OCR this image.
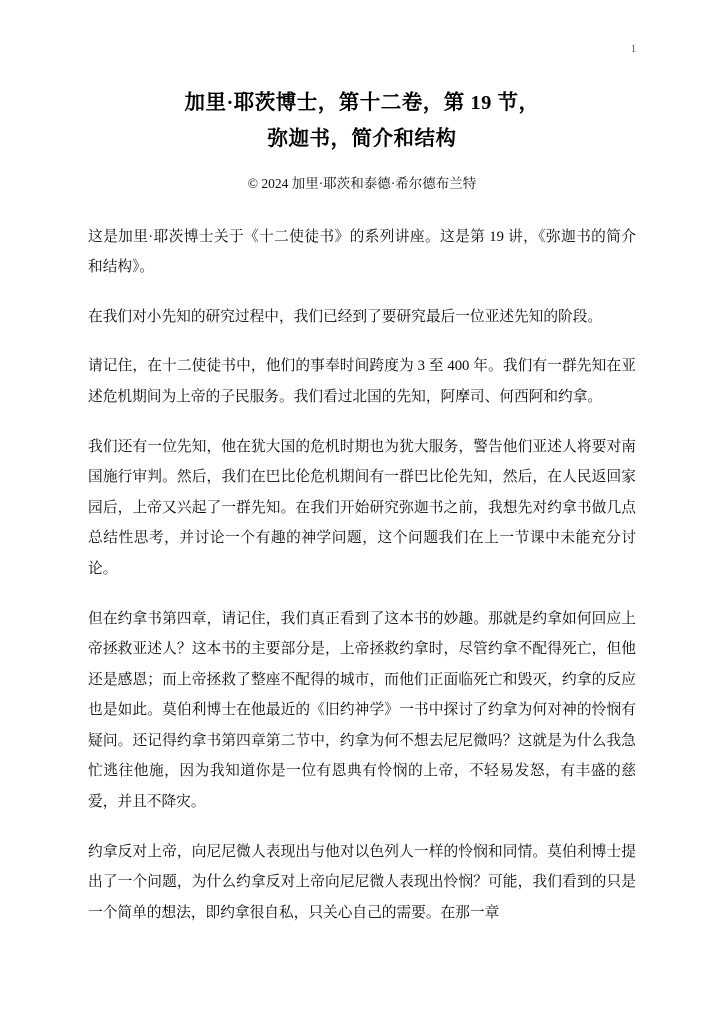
1
加里·耶茨博士，第十二卷，第 19 节，
弥迦书，简介和结构
© 2024 加里·耶茨和泰德·希尔德布兰特

这是加里·耶茨博士关于《十二使徒书》的系列讲座。这是第 19 讲，《弥迦书的简介和结构》。

在我们对小先知的研究过程中，我们已经到了要研究最后一位亚述先知的阶段。

请记住，在十二使徒书中，他们的事奉时间跨度为 3 至 400 年。我们有一群先知在亚述危机期间为上帝的子民服务。我们看过北国的先知，阿摩司、何西阿和约拿。

我们还有一位先知，他在犹大国的危机时期也为犹大服务，警告他们亚述人将要对南国施行审判。然后，我们在巴比伦危机期间有一群巴比伦先知，然后，在人民返回家园后，上帝又兴起了一群先知。在我们开始研究弥迦书之前，我想先对约拿书做几点总结性思考，并讨论一个有趣的神学问题，这个问题我们在上一节课中未能充分讨论。

但在约拿书第四章，请记住，我们真正看到了这本书的妙趣。那就是约拿如何回应上帝拯救亚述人？这本书的主要部分是，上帝拯救约拿时，尽管约拿不配得死亡，但他还是感恩；而上帝拯救了整座不配得的城市，而他们正面临死亡和毁灭，约拿的反应也是如此。莫伯利博士在他最近的《旧约神学》一书中探讨了约拿为何对神的怜悯有疑问。还记得约拿书第四章第二节中，约拿为何不想去尼尼微吗？这就是为什么我急忙逃往他施，因为我知道你是一位有恩典有怜悯的上帝，不轻易发怒，有丰盛的慈爱，并且不降灾。

约拿反对上帝，向尼尼微人表现出与他对以色列人一样的怜悯和同情。莫伯利博士提出了一个问题，为什么约拿反对上帝向尼尼微人表现出怜悯？可能，我们看到的只是一个简单的想法，即约拿很自私，只关心自己的需要。在那一章
